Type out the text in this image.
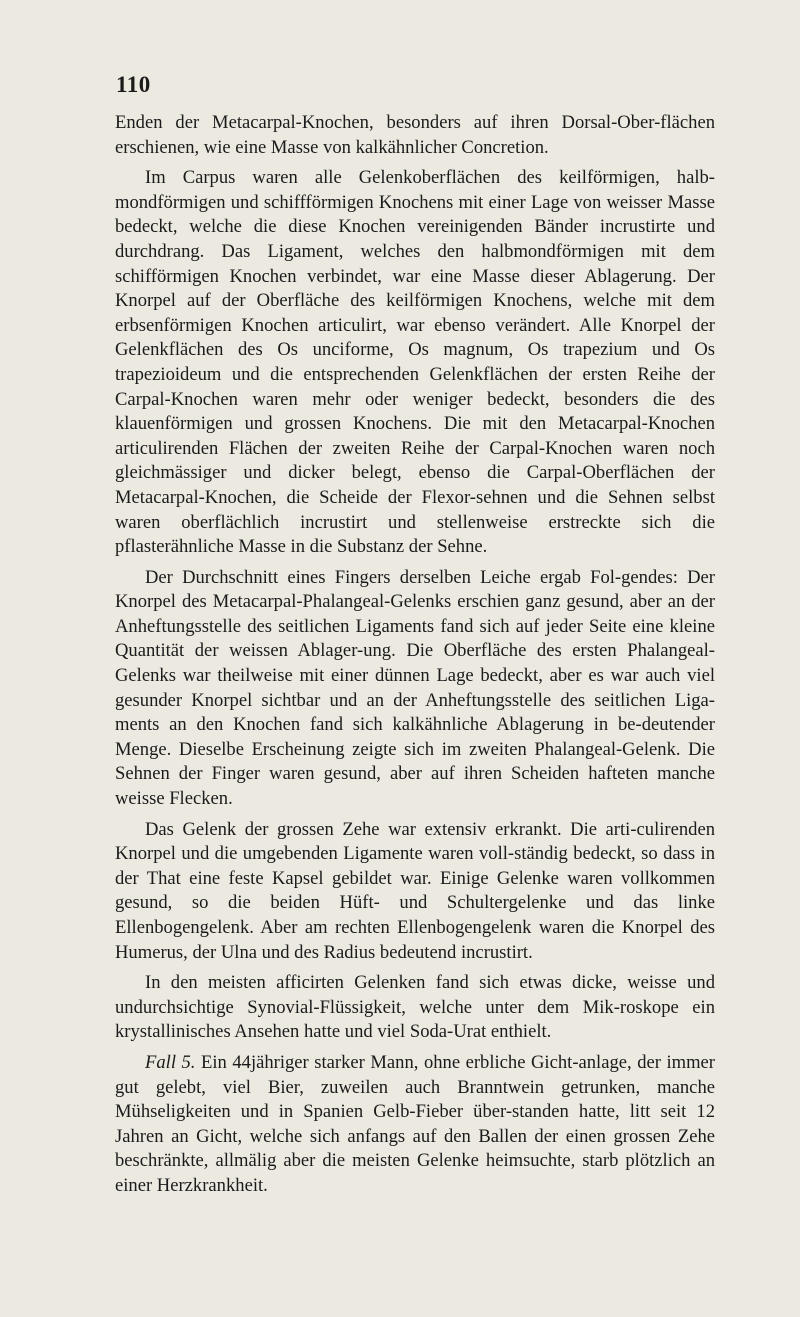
110

Enden der Metacarpal-Knochen, besonders auf ihren Dorsal-Ober-flächen erschienen, wie eine Masse von kalkähnlicher Concretion.

Im Carpus waren alle Gelenkoberflächen des keilförmigen, halb-mondförmigen und schiffförmigen Knochens mit einer Lage von weisser Masse bedeckt, welche die diese Knochen vereinigenden Bänder incrustirte und durchdrang. Das Ligament, welches den halbmondförmigen mit dem schifförmigen Knochen verbindet, war eine Masse dieser Ablagerung. Der Knorpel auf der Oberfläche des keilförmigen Knochens, welche mit dem erbsenförmigen Knochen articulirt, war ebenso verändert. Alle Knorpel der Gelenkflächen des Os unciforme, Os magnum, Os trapezium und Os trapezioideum und die entsprechenden Gelenkflächen der ersten Reihe der Carpal-Knochen waren mehr oder weniger bedeckt, besonders die des klauenförmigen und grossen Knochens. Die mit den Metacarpal-Knochen articulirenden Flächen der zweiten Reihe der Carpal-Knochen waren noch gleichmässiger und dicker belegt, ebenso die Carpal-Oberflächen der Metacarpal-Knochen, die Scheide der Flexor-sehnen und die Sehnen selbst waren oberflächlich incrustirt und stellenweise erstreckte sich die pflasterähnliche Masse in die Substanz der Sehne.

Der Durchschnitt eines Fingers derselben Leiche ergab Fol-gendes: Der Knorpel des Metacarpal-Phalangeal-Gelenks erschien ganz gesund, aber an der Anheftungsstelle des seitlichen Ligaments fand sich auf jeder Seite eine kleine Quantität der weissen Ablager-ung. Die Oberfläche des ersten Phalangeal-Gelenks war theilweise mit einer dünnen Lage bedeckt, aber es war auch viel gesunder Knorpel sichtbar und an der Anheftungsstelle des seitlichen Liga-ments an den Knochen fand sich kalkähnliche Ablagerung in be-deutender Menge. Dieselbe Erscheinung zeigte sich im zweiten Phalangeal-Gelenk. Die Sehnen der Finger waren gesund, aber auf ihren Scheiden hafteten manche weisse Flecken.

Das Gelenk der grossen Zehe war extensiv erkrankt. Die arti-culirenden Knorpel und die umgebenden Ligamente waren voll-ständig bedeckt, so dass in der That eine feste Kapsel gebildet war. Einige Gelenke waren vollkommen gesund, so die beiden Hüft- und Schultergelenke und das linke Ellenbogengelenk. Aber am rechten Ellenbogengelenk waren die Knorpel des Humerus, der Ulna und des Radius bedeutend incrustirt.

In den meisten afficirten Gelenken fand sich etwas dicke, weisse und undurchsichtige Synovial-Flüssigkeit, welche unter dem Mik-roskope ein krystallinisches Ansehen hatte und viel Soda-Urat enthielt.

Fall 5. Ein 44jähriger starker Mann, ohne erbliche Gicht-anlage, der immer gut gelebt, viel Bier, zuweilen auch Branntwein getrunken, manche Mühseligkeiten und in Spanien Gelb-Fieber über-standen hatte, litt seit 12 Jahren an Gicht, welche sich anfangs auf den Ballen der einen grossen Zehe beschränkte, allmälig aber die meisten Gelenke heimsuchte, starb plötzlich an einer Herzkrankheit.
